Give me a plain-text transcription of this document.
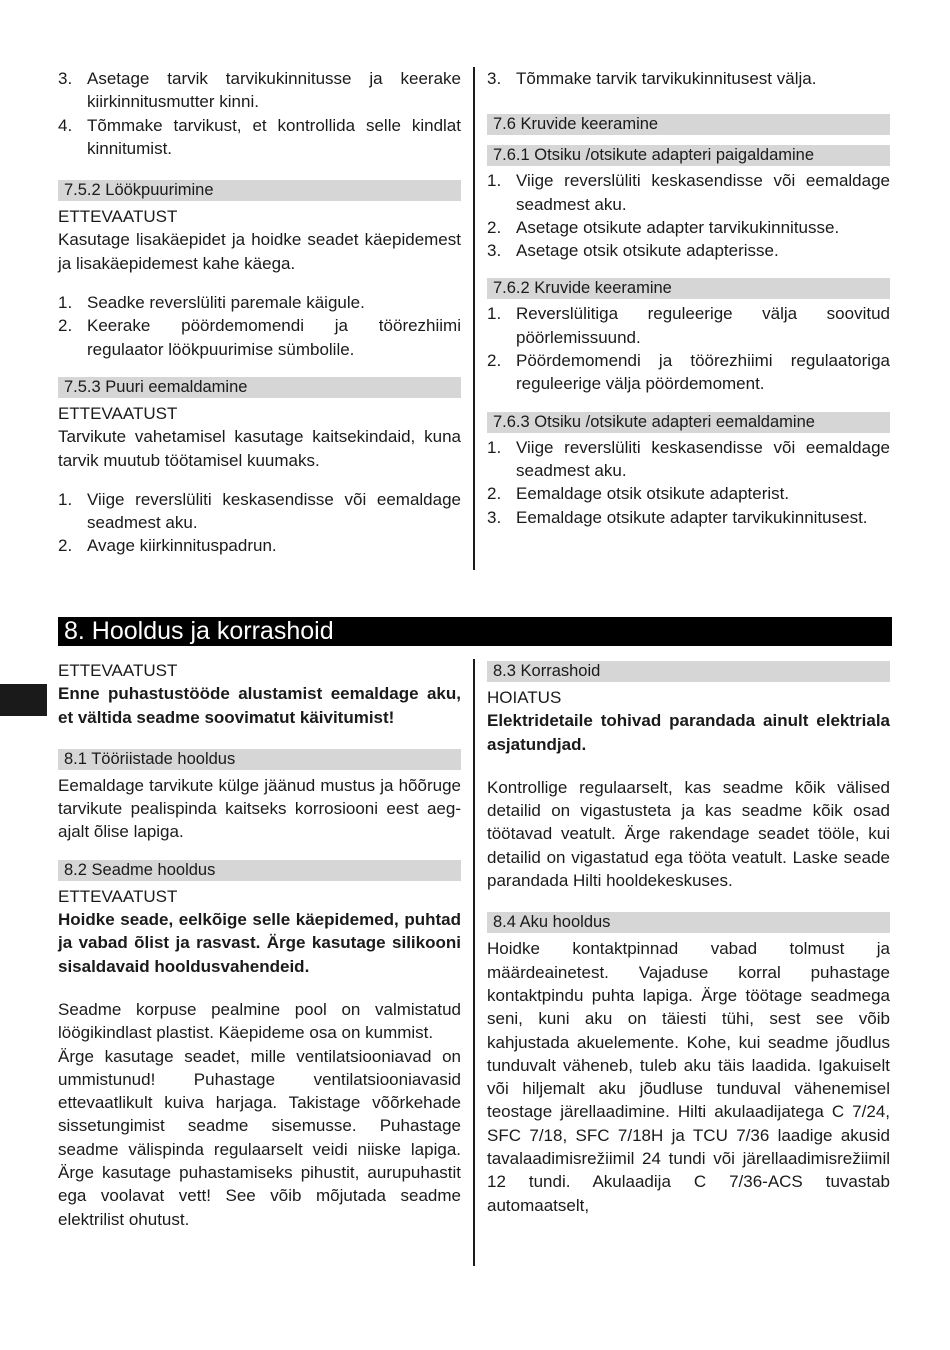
3. Asetage tarvik tarvikukinnitusse ja keerake kiirkinnitusmutter kinni.
4. Tõmmake tarvikust, et kontrollida selle kindlat kinnitumist.
7.5.2 Löökpuurimine

ETTEVAATUST

Kasutage lisakäepidet ja hoidke seadet käepidemest ja lisakäepidemest kahe käega.

1. Seadke reverslüliti paremale käigule.
2. Keerake pöördemomendi ja töörezhiimi regulaator löökpuurimise sümbolile.
7.5.3 Puuri eemaldamine

ETTEVAATUST

Tarvikute vahetamisel kasutage kaitsekindaid, kuna tarvik muutub töötamisel kuumaks.

1. Viige reverslüliti keskasendisse või eemaldage seadmest aku.
2. Avage kiirkinnituspadrun.
3. Tõmmake tarvik tarvikukinnitusest välja.
7.6 Kruvide keeramine
7.6.1 Otsiku /otsikute adapteri paigaldamine
1. Viige reverslüliti keskasendisse või eemaldage seadmest aku.
2. Asetage otsikute adapter tarvikukinnitusse.
3. Asetage otsik otsikute adapterisse.
7.6.2 Kruvide keeramine
1. Reverslülitiga reguleerige välja soovitud pöörlemissuund.
2. Pöördemomendi ja töörezhiimi regulaatoriga reguleerige välja pöördemoment.
7.6.3 Otsiku /otsikute adapteri eemaldamine
1. Viige reverslüliti keskasendisse või eemaldage seadmest aku.
2. Eemaldage otsik otsikute adapterist.
3. Eemaldage otsikute adapter tarvikukinnitusest.
8. Hooldus ja korrashoid

ETTEVAATUST

Enne puhastustööde alustamist eemaldage aku, et vältida seadme soovimatut käivitumist!

8.1 Tööriistade hooldus

Eemaldage tarvikute külge jäänud mustus ja hõõruge tarvikute pealispinda kaitseks korrosiooni eest aeg-ajalt õlise lapiga.

8.2 Seadme hooldus

ETTEVAATUST

Hoidke seade, eelkõige selle käepidemed, puhtad ja vabad õlist ja rasvast. Ärge kasutage silikooni sisaldavaid hooldusvahendeid.

Seadme korpuse pealmine pool on valmistatud löögikindlast plastist. Käepideme osa on kummist.

Ärge kasutage seadet, mille ventilatsiooniavad on ummistunud! Puhastage ventilatsiooniavasid ettevaatlikult kuiva harjaga. Takistage võõrkehade sissetungimist seadme sisemusse. Puhastage seadme välispinda regulaarselt veidi niiske lapiga. Ärge kasutage puhastamiseks pihustit, aurupuhastit ega voolavat vett! See võib mõjutada seadme elektrilist ohutust.

8.3 Korrashoid

HOIATUS

Elektridetaile tohivad parandada ainult elektriala asjatundjad.

Kontrollige regulaarselt, kas seadme kõik välised detailid on vigastusteta ja kas seadme kõik osad töötavad veatult. Ärge rakendage seadet tööle, kui detailid on vigastatud ega tööta veatult. Laske seade parandada Hilti hooldekeskuses.

8.4 Aku hooldus

Hoidke kontaktpinnad vabad tolmust ja määrdeainetest. Vajaduse korral puhastage kontaktpindu puhta lapiga. Ärge töötage seadmega seni, kuni aku on täiesti tühi, sest see võib kahjustada akuelemente. Kohe, kui seadme jõudlus tunduvalt väheneb, tuleb aku täis laadida. Igakuiselt või hiljemalt aku jõudluse tunduval vähenemisel teostage järellaadimine. Hilti akulaadijatega C 7/24, SFC 7/18, SFC 7/18H ja TCU 7/36 laadige akusid tavalaadimisrežiimil 24 tundi või järellaadimisrežiimil 12 tundi. Akulaadija C 7/36-ACS tuvastab automaatselt,
